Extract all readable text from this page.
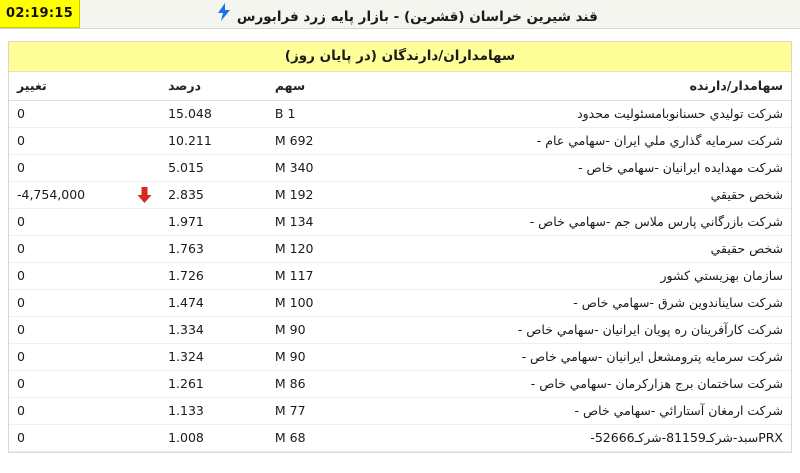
02:19:15	قند شیرین خراسان (قشرین) - بازار پایه زرد فرابورس
سهامداران/دارندگان (در پایان روز)
سهامدار/دارنده	سهم	درصد	تغییر
شرکت توليدي حسنانوبامسئوليت محدود	1 B	15.048	0
شرکت سرمايه گذاري ملي ايران -سهامي عام -	692 M	10.211	0
شرکت مهدايده ايرانيان -سهامي خاص -	340 M	5.015	0
شخص حقيقي	192 M	2.835	-4,754,000

شرکت بازرگاني پارس ملاس جم -سهامي خاص -	134 M	1.971	0
شخص حقيقي	120 M	1.763	0
سازمان بهزيستي کشور	117 M	1.726	0
شرکت سايناندوين شرق -سهامي خاص -	100 M	1.474	0
شرکت کارآفرينان ره پويان ايرانيان -سهامي خاص -	90 M	1.334	0
شرکت سرمايه پترومشعل ايرانيان -سهامي خاص -	90 M	1.324	0
شرکت ساختمان برج هزارکرمان -سهامي خاص -	86 M	1.261	0
شرکت ارمغان آستارائي -سهامي خاص -	77 M	1.133	0
PRXسبد-شرکـ81159-شرکـ52666-	68 M	1.008	0
